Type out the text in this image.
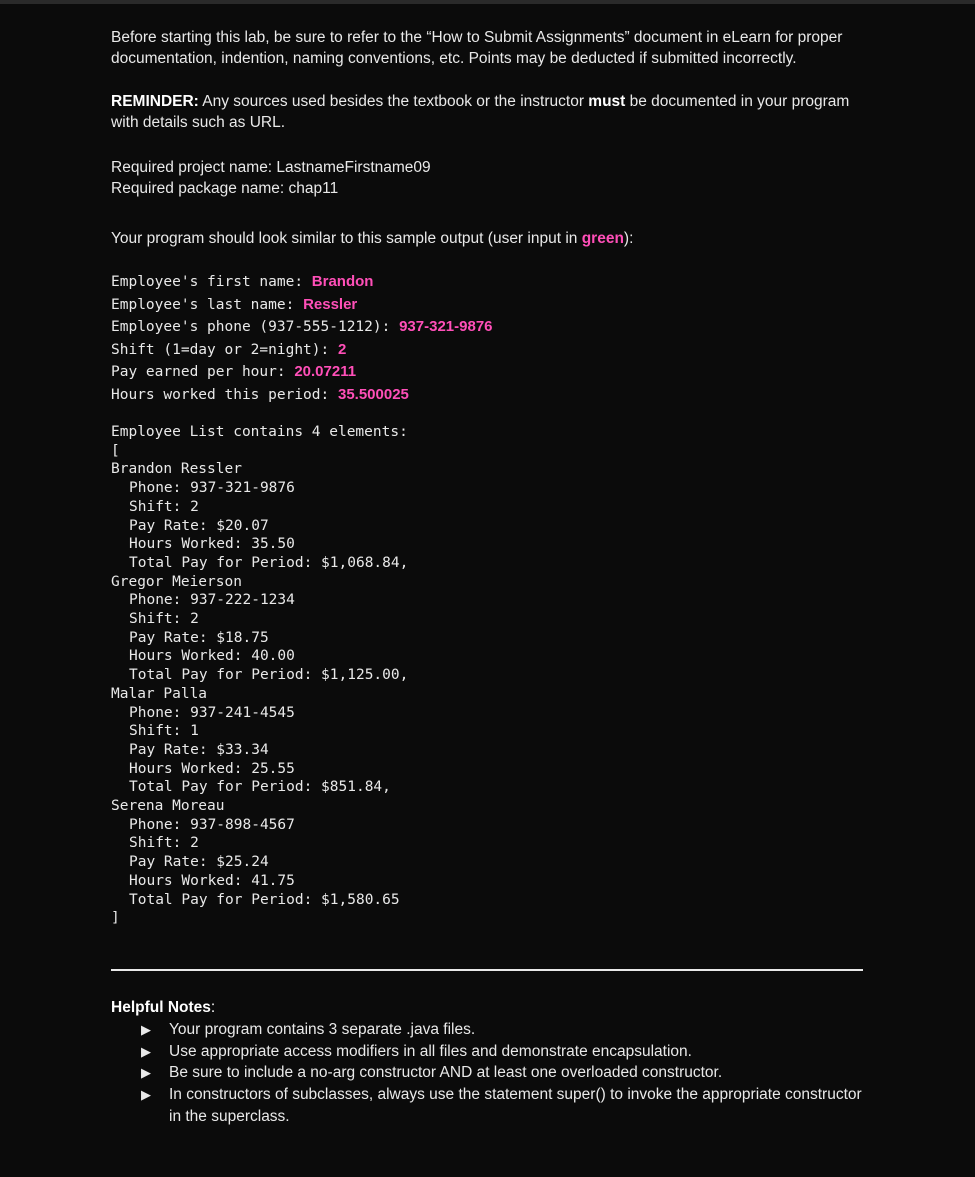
Before starting this lab, be sure to refer to the “How to Submit Assignments” document in eLearn for proper documentation, indention, naming conventions, etc. Points may be deducted if submitted incorrectly.

REMINDER: Any sources used besides the textbook or the instructor must be documented in your program with details such as URL.

Required project name: LastnameFirstname09

Required package name: chap11

Your program should look similar to this sample output (user input in green):

Employee's first name: Brandon
Employee's last name: Ressler
Employee's phone (937-555-1212): 937-321-9876
Shift (1=day or 2=night): 2
Pay earned per hour: 20.07211
Hours worked this period: 35.500025
Employee List contains 4 elements:
[
Brandon Ressler
Phone: 937-321-9876
Shift: 2
Pay Rate: $20.07
Hours Worked: 35.50
Total Pay for Period: $1,068.84,
Gregor Meierson
Phone: 937-222-1234
Shift: 2
Pay Rate: $18.75
Hours Worked: 40.00
Total Pay for Period: $1,125.00,
Malar Palla
Phone: 937-241-4545
Shift: 1
Pay Rate: $33.34
Hours Worked: 25.55
Total Pay for Period: $851.84,
Serena Moreau
Phone: 937-898-4567
Shift: 2
Pay Rate: $25.24
Hours Worked: 41.75
Total Pay for Period: $1,580.65
]
Helpful Notes:
▶ Your program contains 3 separate .java files.
▶ Use appropriate access modifiers in all files and demonstrate encapsulation.
▶ Be sure to include a no-arg constructor AND at least one overloaded constructor.
▶ In constructors of subclasses, always use the statement super() to invoke the appropriate constructor in the superclass.
